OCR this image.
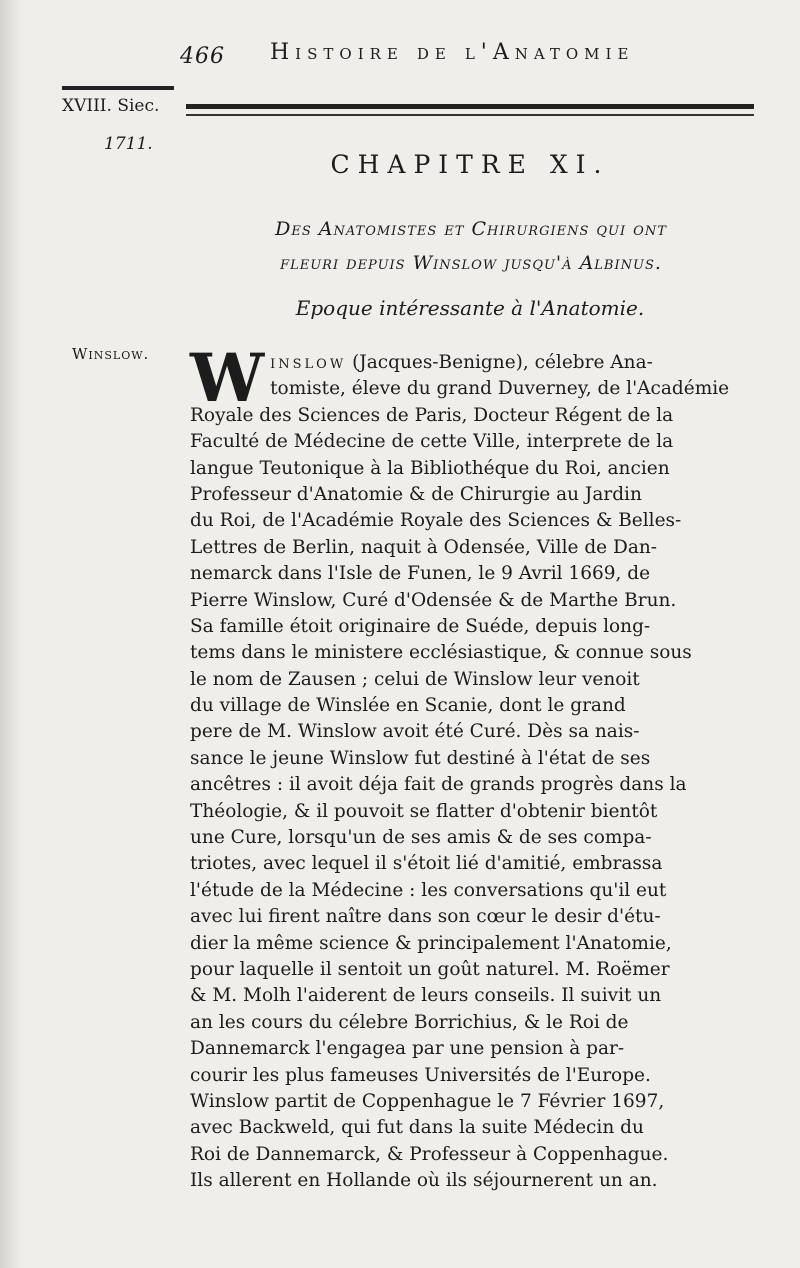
466 Histoire de l'Anatomie
XVIII. Siec.
1711.
CHAPITRE XI.
Des Anatomistes et Chirurgiens qui ont
fleuri depuis Winslow jusqu'à Albinus.
Epoque intéressante à l'Anatomie.
Winslow.
ﾠ
W inslow (Jacques-Benigne), célebre Ana-
tomiste, éleve du grand Duverney, de l'Académie
Royale des Sciences de Paris, Docteur Régent de la
Faculté de Médecine de cette Ville, interprete de la
langue Teutonique à la Bibliothéque du Roi, ancien
Professeur d'Anatomie & de Chirurgie au Jardin
du Roi, de l'Académie Royale des Sciences & Belles-
Lettres de Berlin, naquit à Odensée, Ville de Dan-
nemarck dans l'Isle de Funen, le 9 Avril 1669, de
Pierre Winslow, Curé d'Odensée & de Marthe Brun.
Sa famille étoit originaire de Suéde, depuis long-
tems dans le ministere ecclésiastique, & connue sous
le nom de Zausen ; celui de Winslow leur venoit
du village de Winslée en Scanie, dont le grand
pere de M. Winslow avoit été Curé. Dès sa nais-
sance le jeune Winslow fut destiné à l'état de ses
ancêtres : il avoit déja fait de grands progrès dans la
Théologie, & il pouvoit se flatter d'obtenir bientôt
une Cure, lorsqu'un de ses amis & de ses compa-
triotes, avec lequel il s'étoit lié d'amitié, embrassa
l'étude de la Médecine : les conversations qu'il eut
avec lui firent naître dans son cœur le desir d'étu-
dier la même science & principalement l'Anatomie,
pour laquelle il sentoit un goût naturel. M. Roëmer
& M. Molh l'aiderent de leurs conseils. Il suivit un
an les cours du célebre Borrichius, & le Roi de
Dannemarck l'engagea par une pension à par-
courir les plus fameuses Universités de l'Europe.
Winslow partit de Coppenhague le 7 Février 1697,
avec Backweld, qui fut dans la suite Médecin du
Roi de Dannemarck, & Professeur à Coppenhague.
Ils allerent en Hollande où ils séjournerent un an.
